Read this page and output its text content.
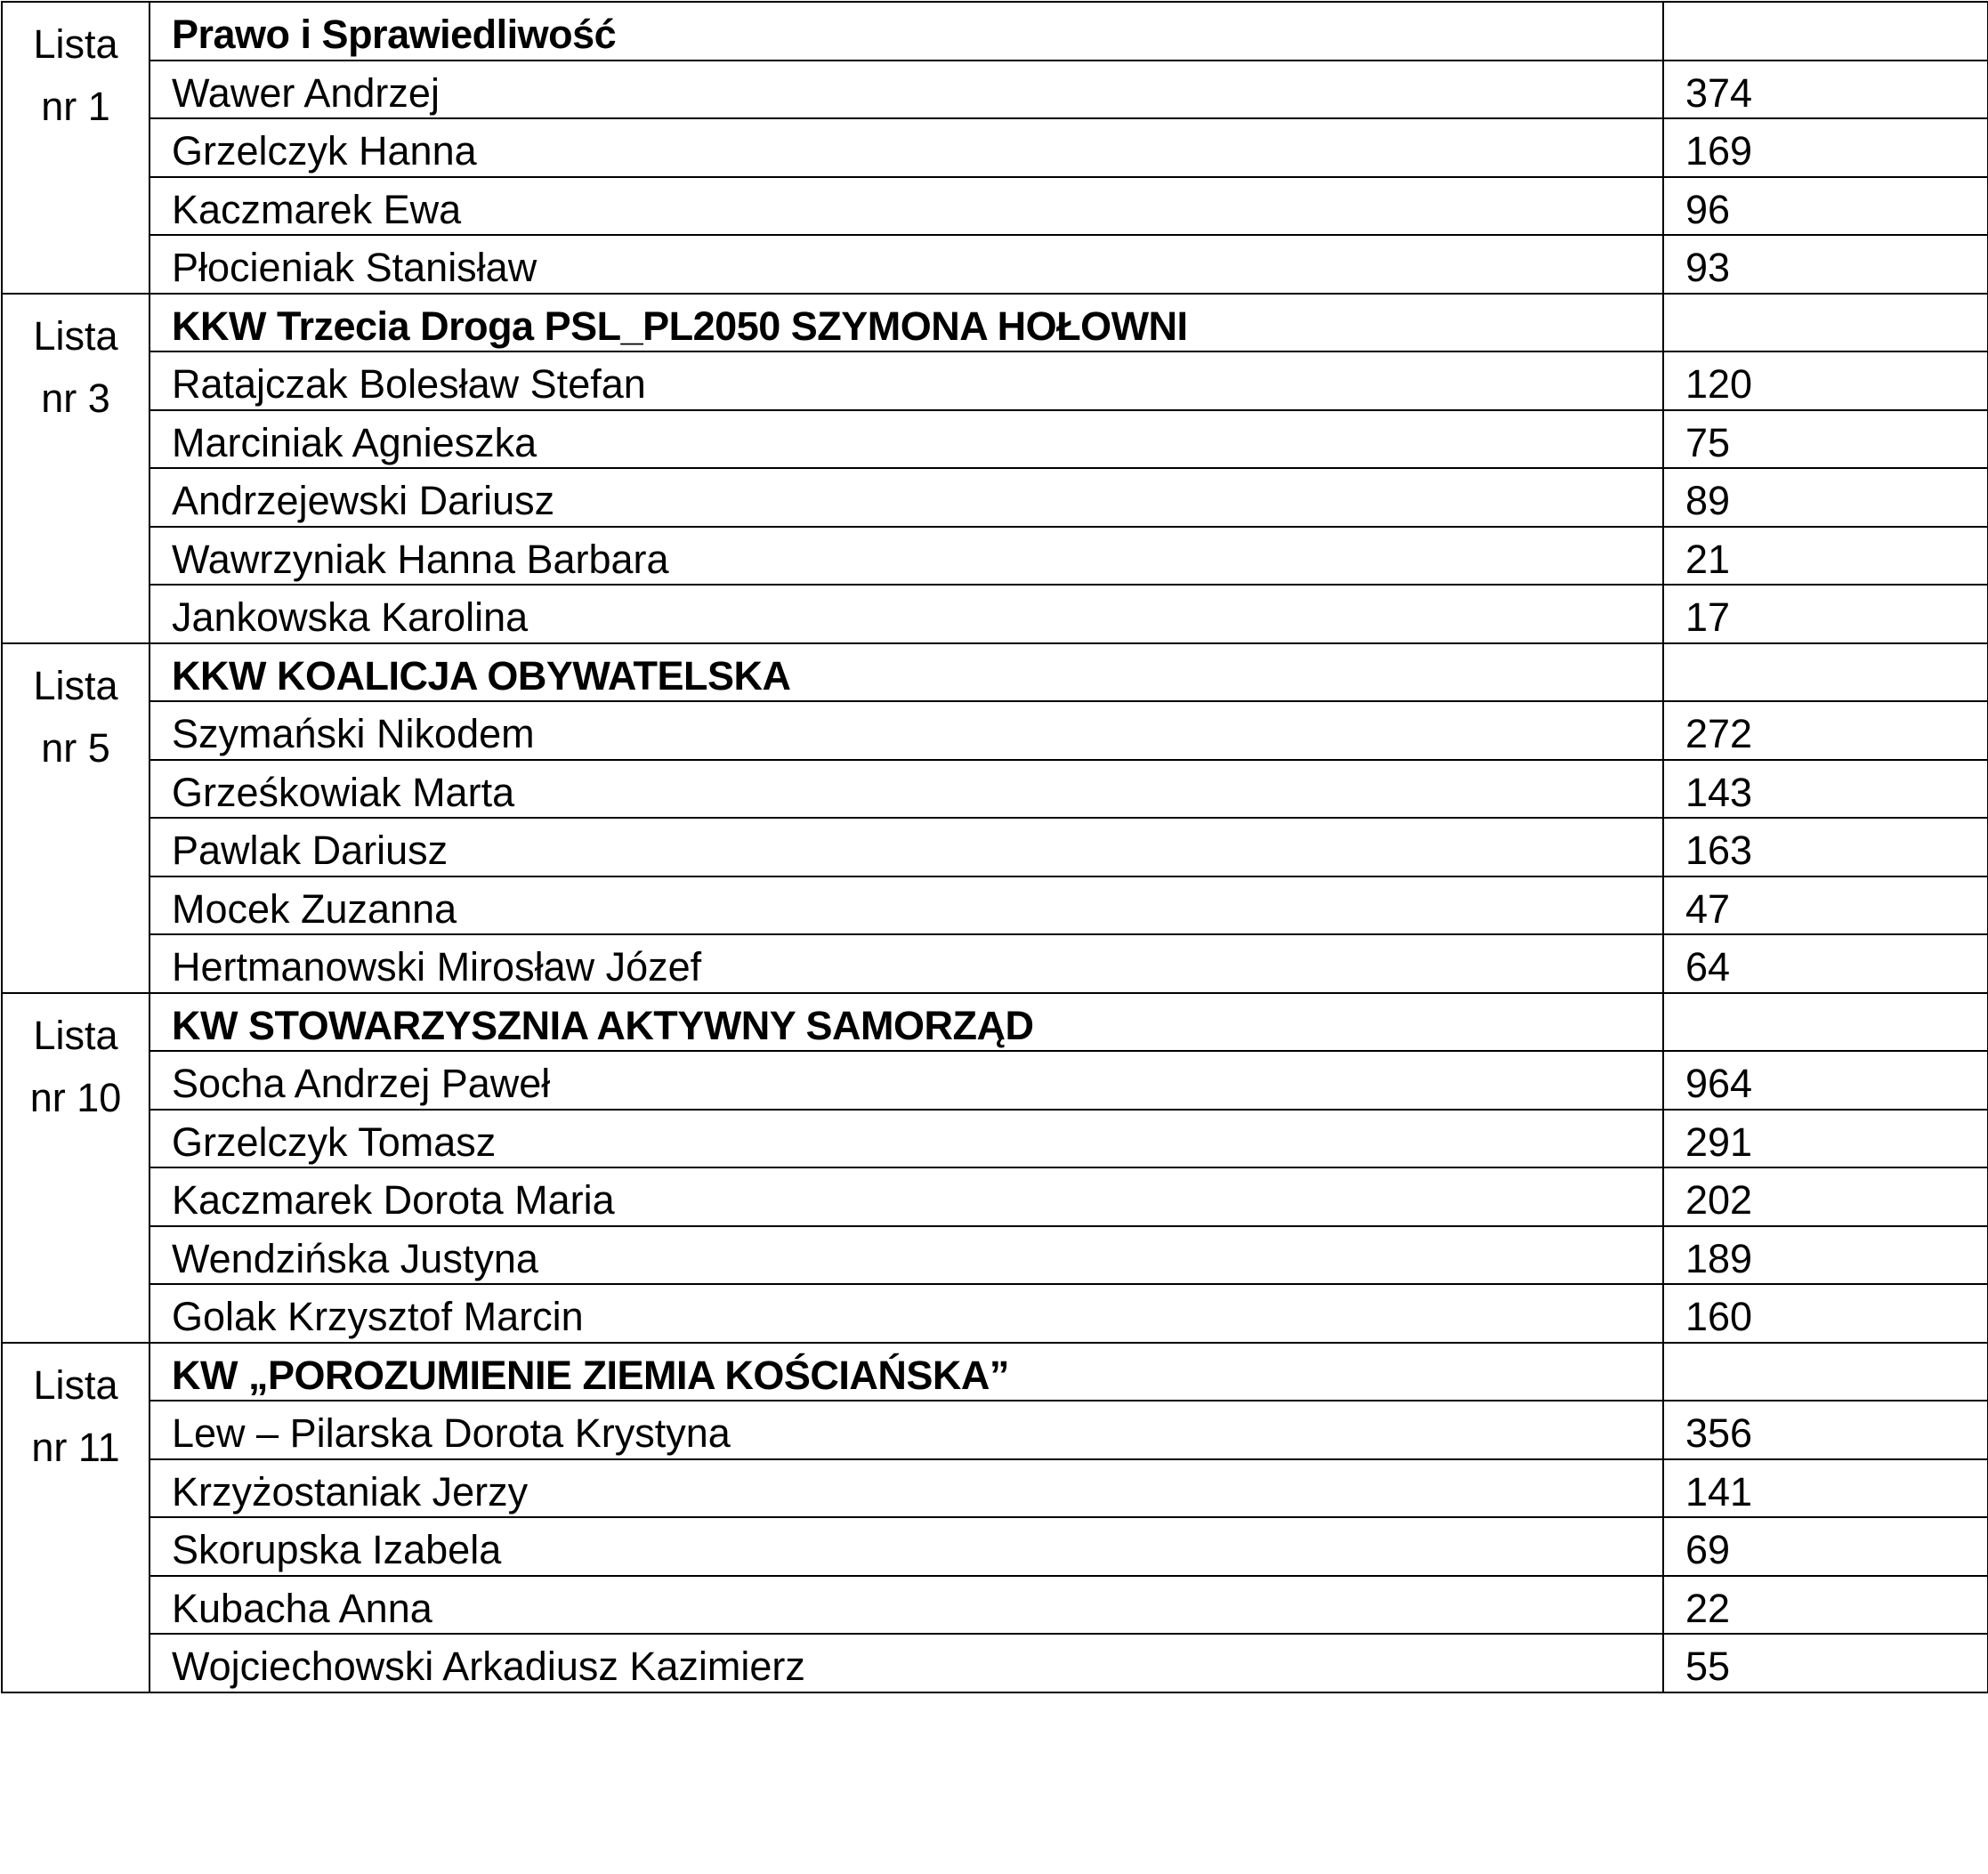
Lista
nr 1	Prawo i Sprawiedliwość	
	Wawer Andrzej	374
	Grzelczyk Hanna	169
	Kaczmarek Ewa	96
	Płocieniak Stanisław	93

Lista
nr 3	KKW Trzecia Droga PSL_PL2050 SZYMONA HOŁOWNI	
	Ratajczak Bolesław Stefan	120
	Marciniak Agnieszka	75
	Andrzejewski Dariusz	89
	Wawrzyniak Hanna Barbara	21
	Jankowska Karolina	17

Lista
nr 5	KKW KOALICJA OBYWATELSKA	
	Szymański Nikodem	272
	Grześkowiak Marta	143
	Pawlak Dariusz	163
	Mocek Zuzanna	47
	Hertmanowski Mirosław Józef	64

Lista
nr 10	KW STOWARZYSZNIA AKTYWNY SAMORZĄD	
	Socha Andrzej Paweł	964
	Grzelczyk Tomasz	291
	Kaczmarek Dorota Maria	202
	Wendzińska Justyna	189
	Golak Krzysztof Marcin	160

Lista
nr 11	KW „POROZUMIENIE ZIEMIA KOŚCIAŃSKA”	
	Lew – Pilarska Dorota Krystyna	356
	Krzyżostaniak Jerzy	141
	Skorupska Izabela	69
	Kubacha Anna	22
	Wojciechowski Arkadiusz Kazimierz	55
